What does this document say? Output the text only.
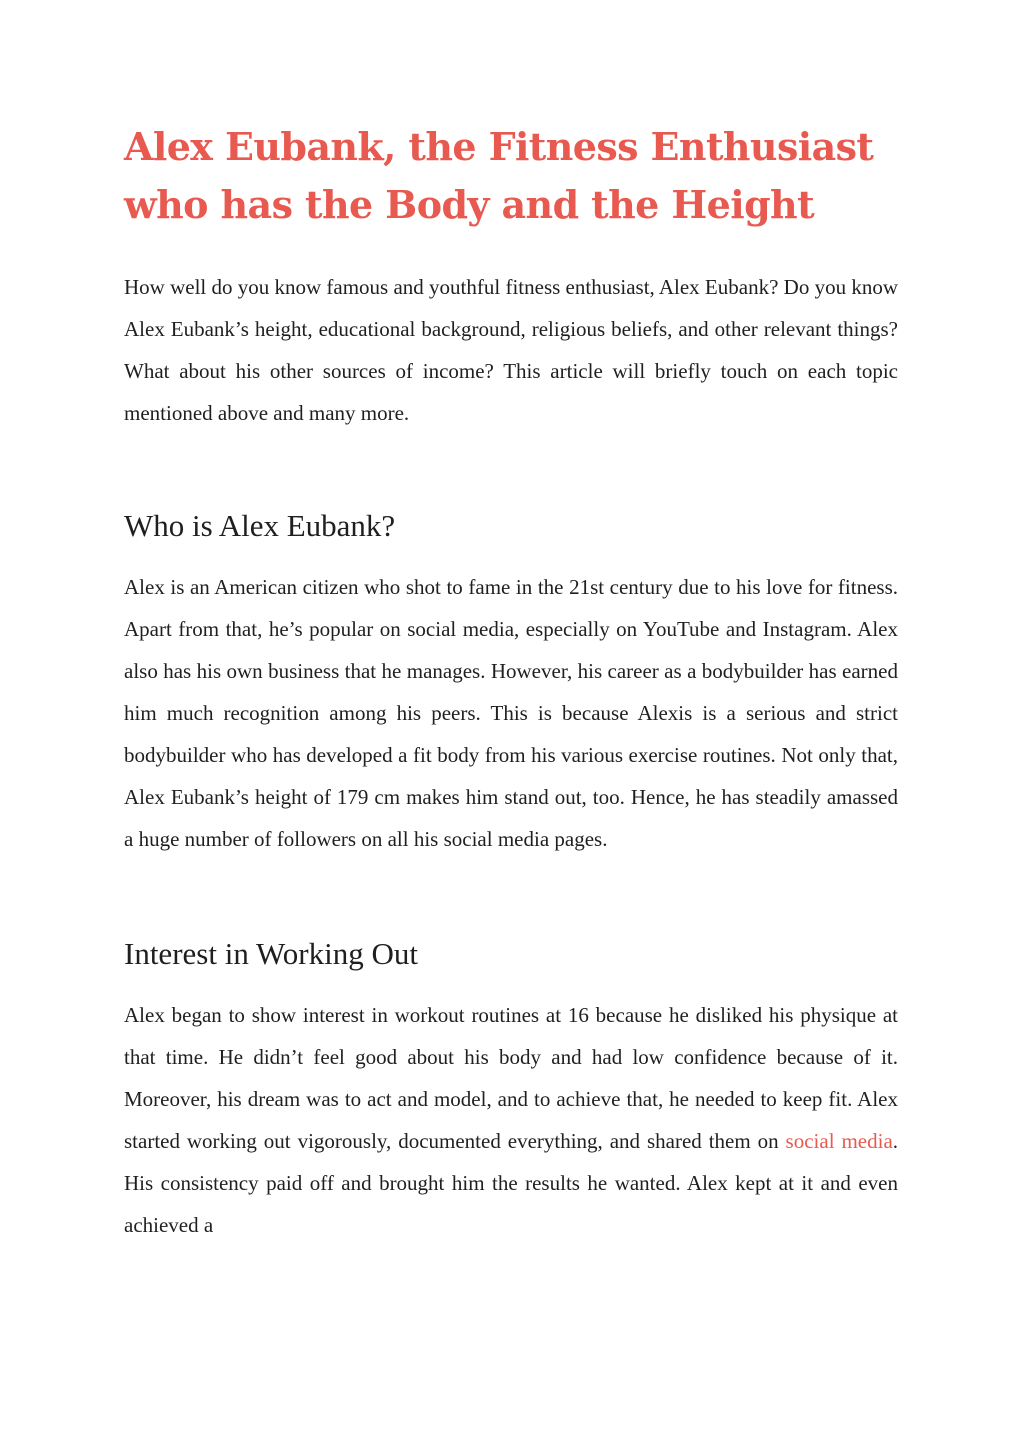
Alex Eubank, the Fitness Enthusiast
who has the Body and the Height

How well do you know famous and youthful fitness enthusiast, Alex Eubank? Do you know Alex Eubank’s height, educational background, religious beliefs, and other relevant things? What about his other sources of income? This article will briefly touch on each topic mentioned above and many more.

Who is Alex Eubank?

Alex is an American citizen who shot to fame in the 21st century due to his love for fitness. Apart from that, he’s popular on social media, especially on YouTube and Instagram. Alex also has his own business that he manages. However, his career as a bodybuilder has earned him much recognition among his peers. This is because Alexis is a serious and strict bodybuilder who has developed a fit body from his various exercise routines. Not only that, Alex Eubank’s height of 179 cm makes him stand out, too. Hence, he has steadily amassed a huge number of followers on all his social media pages.

Interest in Working Out

Alex began to show interest in workout routines at 16 because he disliked his physique at that time. He didn’t feel good about his body and had low confidence because of it. Moreover, his dream was to act and model, and to achieve that, he needed to keep fit. Alex started working out vigorously, documented everything, and shared them on social media. His consistency paid off and brought him the results he wanted. Alex kept at it and even achieved a
